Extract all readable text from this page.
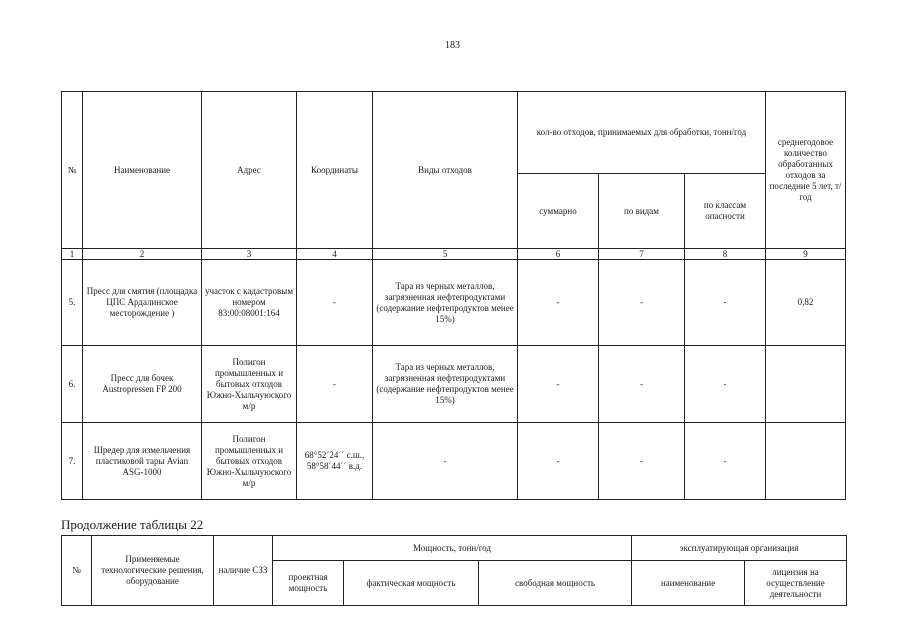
183
№	Наименование	Адрес	Координаты	Виды отходов	кол-во отходов, принимаемых для обработки, тонн/год			среднегодовое количество обработанных отходов за последние 5 лет, т/год
					суммарно	по видам	по классам опасности	
1	2	3	4	5	6	7	8	9
5.	Пресс для смятия (площадка ЦПС Ардалинское месторождение )	участок с кадастровым номером 83:00:08001:164	-	Тара из черных металлов, загрязненная нефтепродуктами (содержание нефтепродуктов менее 15%)	-	-	-	0,82
6.	Пресс для бочек Austropressen FP 200	Полигон промышленных и бытовых отходов Южно-Хыльчуюского м/р	-	Тара из черных металлов, загрязненная нефтепродуктами (содержание нефтепродуктов менее 15%)	-	-	-	
7.	Шредер для измельчения пластиковой тары Avian ASG-1000	Полигон промышленных и бытовых отходов Южно-Хыльчуюского м/р	68°52´24´´ с.ш., 58°58´44´´ в.д.	-	-	-	-	
Продолжение таблицы 22
№	Применяемые технологические решения, оборудование	наличие СЗЗ	Мощность, тонн/год			эксплуатирующая организация	
			проектная мощность	фактическая мощность	свободная мощность	наименование	лицензия на осуществление деятельности
